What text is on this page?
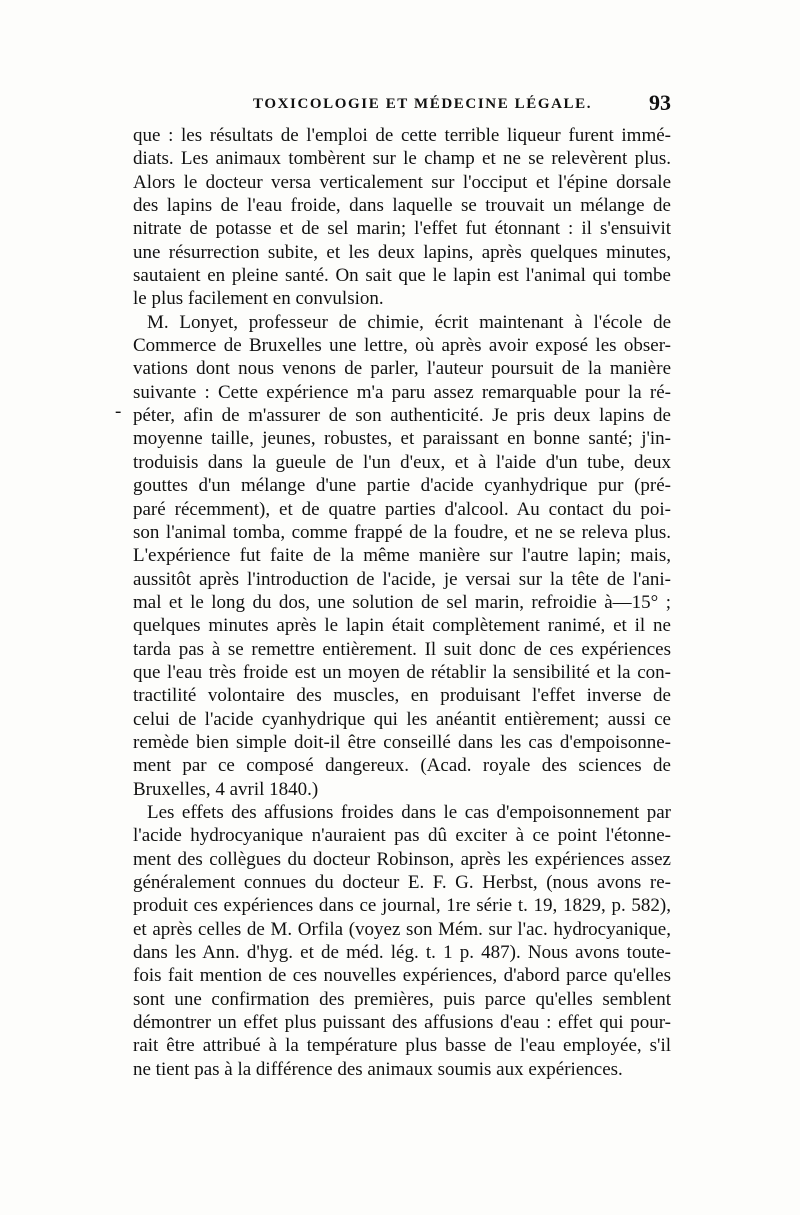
TOXICOLOGIE ET MÉDECINE LÉGALE.	93
-
que : les résultats de l'emploi de cette terrible liqueur furent immé-
diats. Les animaux tombèrent sur le champ et ne se relevèrent plus.
Alors le docteur versa verticalement sur l'occiput et l'épine dorsale
des lapins de l'eau froide, dans laquelle se trouvait un mélange de
nitrate de potasse et de sel marin; l'effet fut étonnant : il s'ensuivit
une résurrection subite, et les deux lapins, après quelques minutes,
sautaient en pleine santé. On sait que le lapin est l'animal qui tombe
le plus facilement en convulsion.
M. Lonyet, professeur de chimie, écrit maintenant à l'école de
Commerce de Bruxelles une lettre, où après avoir exposé les obser-
vations dont nous venons de parler, l'auteur poursuit de la manière
suivante : Cette expérience m'a paru assez remarquable pour la ré-
péter, afin de m'assurer de son authenticité. Je pris deux lapins de
moyenne taille, jeunes, robustes, et paraissant en bonne santé; j'in-
troduisis dans la gueule de l'un d'eux, et à l'aide d'un tube, deux
gouttes d'un mélange d'une partie d'acide cyanhydrique pur (pré-
paré récemment), et de quatre parties d'alcool. Au contact du poi-
son l'animal tomba, comme frappé de la foudre, et ne se releva plus.
L'expérience fut faite de la même manière sur l'autre lapin; mais,
aussitôt après l'introduction de l'acide, je versai sur la tête de l'ani-
mal et le long du dos, une solution de sel marin, refroidie à—15° ;
quelques minutes après le lapin était complètement ranimé, et il ne
tarda pas à se remettre entièrement. Il suit donc de ces expériences
que l'eau très froide est un moyen de rétablir la sensibilité et la con-
tractilité volontaire des muscles, en produisant l'effet inverse de
celui de l'acide cyanhydrique qui les anéantit entièrement; aussi ce
remède bien simple doit-il être conseillé dans les cas d'empoisonne-
ment par ce composé dangereux. (Acad. royale des sciences de
Bruxelles, 4 avril 1840.)
Les effets des affusions froides dans le cas d'empoisonnement par
l'acide hydrocyanique n'auraient pas dû exciter à ce point l'étonne-
ment des collègues du docteur Robinson, après les expériences assez
généralement connues du docteur E. F. G. Herbst, (nous avons re-
produit ces expériences dans ce journal, 1re série t. 19, 1829, p. 582),
et après celles de M. Orfila (voyez son Mém. sur l'ac. hydrocyanique,
dans les Ann. d'hyg. et de méd. lég. t. 1 p. 487). Nous avons toute-
fois fait mention de ces nouvelles expériences, d'abord parce qu'elles
sont une confirmation des premières, puis parce qu'elles semblent
démontrer un effet plus puissant des affusions d'eau : effet qui pour-
rait être attribué à la température plus basse de l'eau employée, s'il
ne tient pas à la différence des animaux soumis aux expériences.
